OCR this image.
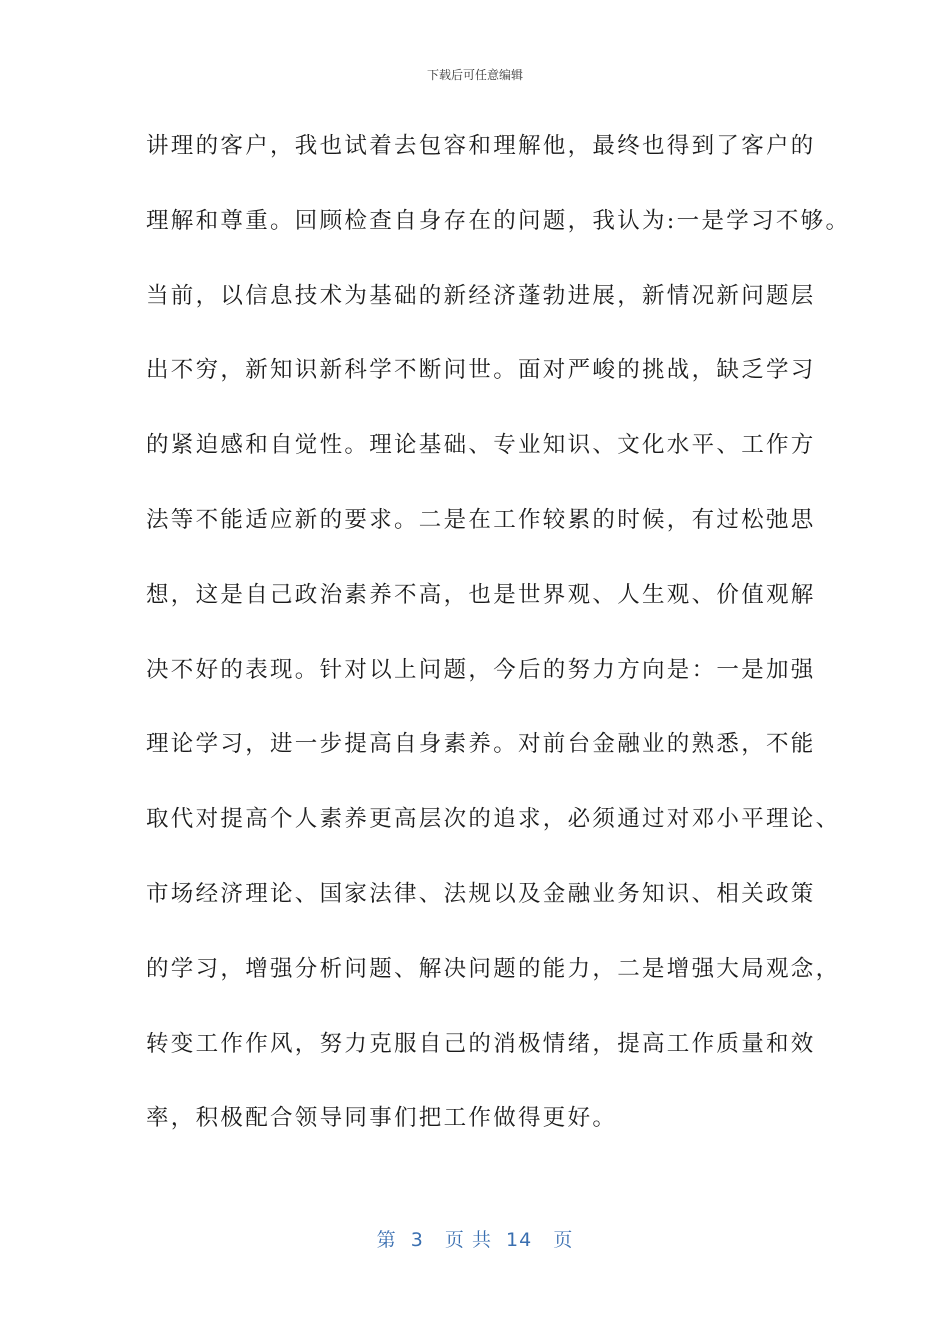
下载后可任意编辑
讲理的客户，我也试着去包容和理解他，最终也得到了客户的
理解和尊重。回顾检查自身存在的问题，我认为:一是学习不够。
当前，以信息技术为基础的新经济蓬勃进展，新情况新问题层
出不穷，新知识新科学不断问世。面对严峻的挑战，缺乏学习
的紧迫感和自觉性。理论基础、专业知识、文化水平、工作方
法等不能适应新的要求。二是在工作较累的时候，有过松弛思
想，这是自己政治素养不高，也是世界观、人生观、价值观解
决不好的表现。针对以上问题，今后的努力方向是：一是加强
理论学习，进一步提高自身素养。对前台金融业的熟悉，不能
取代对提高个人素养更高层次的追求，必须通过对邓小平理论、
市场经济理论、国家法律、法规以及金融业务知识、相关政策
的学习，增强分析问题、解决问题的能力，二是增强大局观念，
转变工作作风，努力克服自己的消极情绪，提高工作质量和效
率，积极配合领导同事们把工作做得更好。
第  3   页 共  14   页
